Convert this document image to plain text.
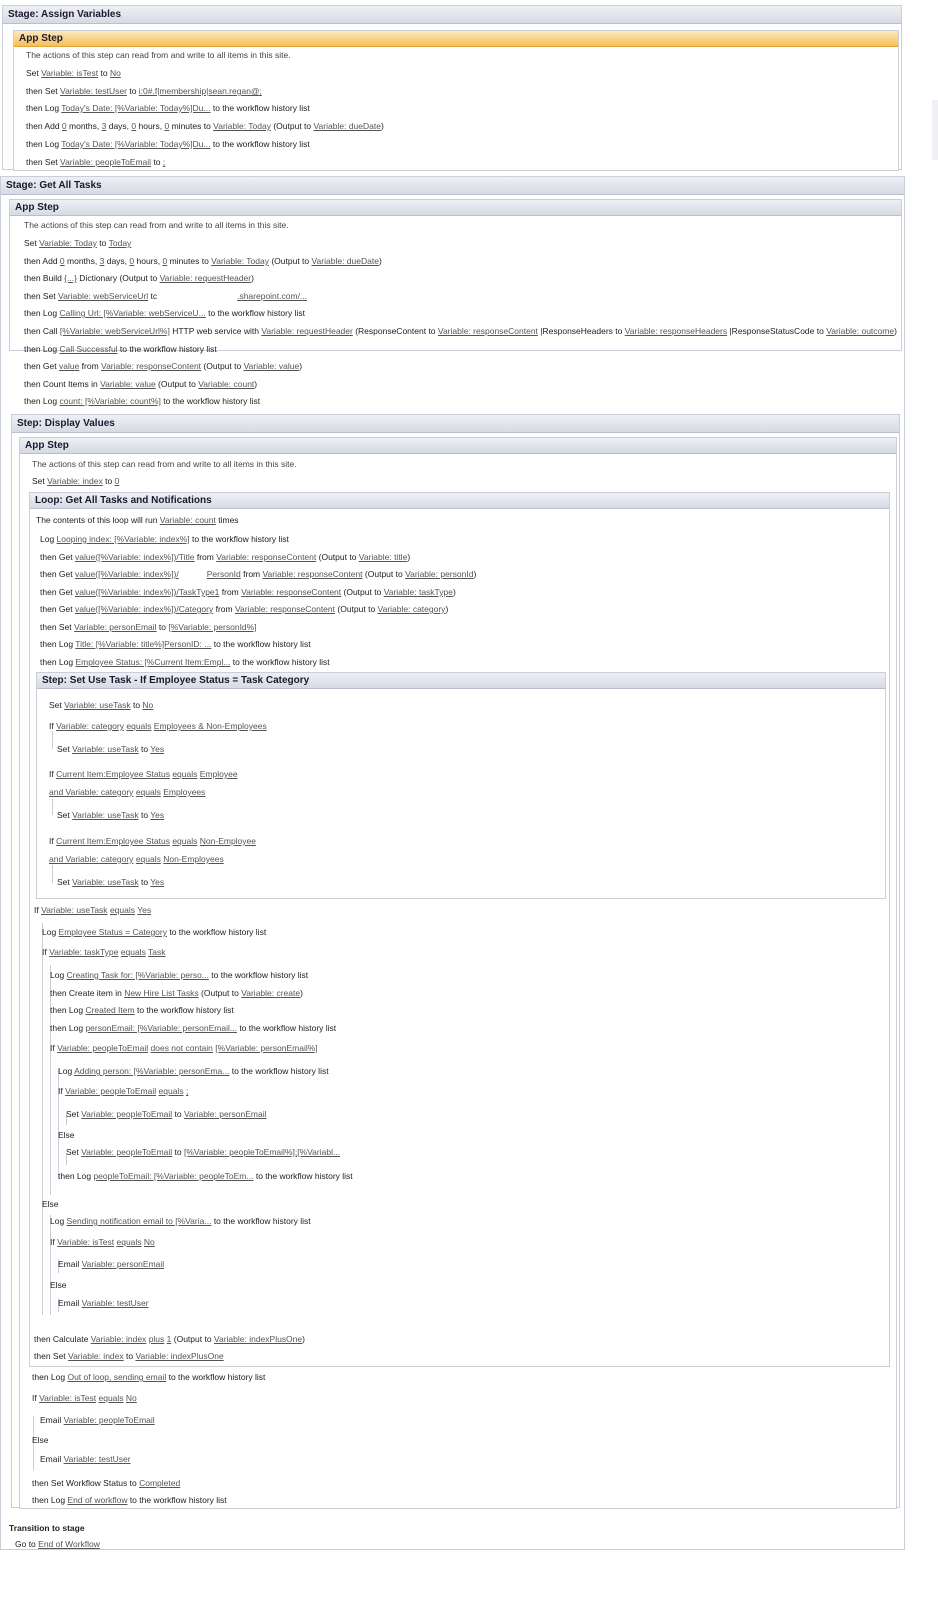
Stage: Assign Variables
App Step
The actions of this step can read from and write to all items in this site.
Set Variable: isTest to No
then Set Variable: testUser to i:0#.f|membership|sean.regan@;
then Log Today's Date: [%Variable: Today%]Du... to the workflow history list
then Add 0 months, 3 days, 0 hours, 0 minutes to Variable: Today (Output to Variable: dueDate)
then Log Today's Date: [%Variable: Today%]Du... to the workflow history list
then Set Variable: peopleToEmail to ;
Stage: Get All Tasks
App Step
The actions of this step can read from and write to all items in this site.
Set Variable: Today to Today
then Add 0 months, 3 days, 0 hours, 0 minutes to Variable: Today (Output to Variable: dueDate)
then Build {...} Dictionary (Output to Variable: requestHeader)
then Set Variable: webServiceUrl tc	.sharepoint.com/...
then Log Calling Url: [%Variable: webServiceU... to the workflow history list
then Call [%Variable: webServiceUrl%] HTTP web service with Variable: requestHeader (ResponseContent to Variable: responseContent |ResponseHeaders to Variable: responseHeaders |ResponseStatusCode to Variable: outcome)
then Log Call Successful to the workflow history list
then Get value from Variable: responseContent (Output to Variable: value)
then Count Items in Variable: value (Output to Variable: count)
then Log count: [%Variable: count%] to the workflow history list
Step: Display Values
App Step
The actions of this step can read from and write to all items in this site.
Set Variable: index to 0
Loop: Get All Tasks and Notifications
The contents of this loop will run Variable: count times
Log Looping index: [%Variable: index%] to the workflow history list
then Get value([%Variable: index%])/Title from Variable: responseContent (Output to Variable: title)
then Get value([%Variable: index%])/	PersonId from Variable: responseContent (Output to Variable: personId)
then Get value([%Variable: index%])/TaskType1 from Variable: responseContent (Output to Variable: taskType)
then Get value([%Variable: index%])/Category from Variable: responseContent (Output to Variable: category)
then Set Variable: personEmail to [%Variable: personId%]
then Log Title: [%Variable: title%]PersonID: ... to the workflow history list
then Log Employee Status: [%Current Item:Empl... to the workflow history list
Step: Set Use Task - If Employee Status = Task Category
Set Variable: useTask to No
If Variable: category equals Employees & Non-Employees
Set Variable: useTask to Yes
If Current Item:Employee Status equals Employee
and Variable: category equals Employees
Set Variable: useTask to Yes
If Current Item:Employee Status equals Non-Employee
and Variable: category equals Non-Employees
Set Variable: useTask to Yes
If Variable: useTask equals Yes
Log Employee Status = Category to the workflow history list
If Variable: taskType equals Task
Log Creating Task for: [%Variable: perso... to the workflow history list
then Create item in New Hire List Tasks (Output to Variable: create)
then Log Created Item to the workflow history list
then Log personEmail: [%Variable: personEmail... to the workflow history list
If Variable: peopleToEmail does not contain [%Variable: personEmail%]
Log Adding person: [%Variable: personEma... to the workflow history list
If Variable: peopleToEmail equals ;
Set Variable: peopleToEmail to Variable: personEmail
Else
Set Variable: peopleToEmail to [%Variable: peopleToEmail%];[%Variabl...
then Log peopleToEmail: [%Variable: peopleToEm... to the workflow history list
Else
Log Sending notification email to [%Varia... to the workflow history list
If Variable: isTest equals No
Email Variable: personEmail
Else
Email Variable: testUser
then Calculate Variable: index plus 1 (Output to Variable: indexPlusOne)
then Set Variable: index to Variable: indexPlusOne
then Log Out of loop, sending email to the workflow history list
If Variable: isTest equals No
Email Variable: peopleToEmail
Else
Email Variable: testUser
then Set Workflow Status to Completed
then Log End of workflow to the workflow history list
Transition to stage
Go to End of Workflow
